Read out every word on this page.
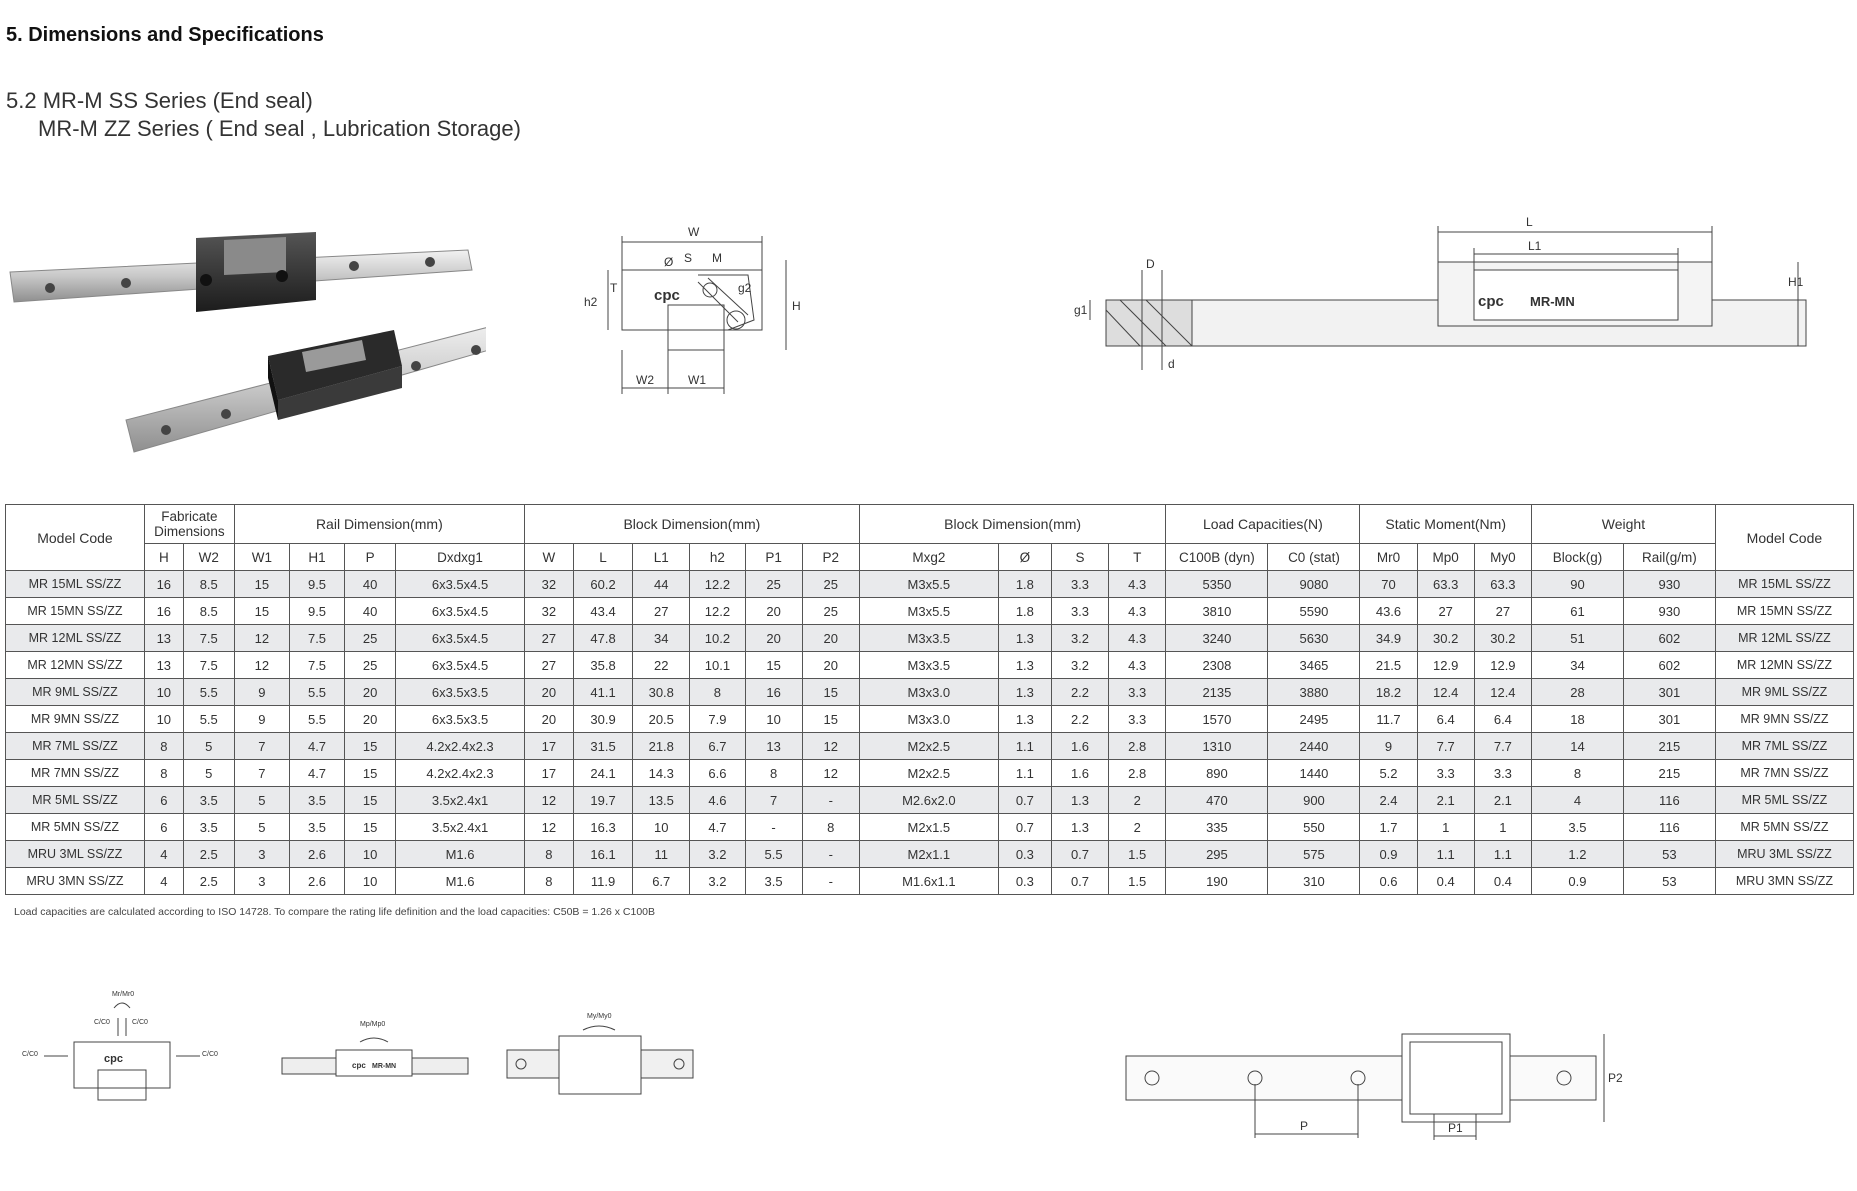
5. Dimensions and Specifications
5.2 MR-M SS Series (End seal)
MR-M ZZ Series ( End seal , Lubrication Storage)
W
S M
Ø
h2
T	g2
H
W2	W1
cpc
L
L1
D
g1
d
H1
cpc MR-MN
Model Code	Fabricate Dimensions		Rail Dimension(mm)				Block Dimension(mm)						Block Dimension(mm)				Load Capacities(N)		Static Moment(Nm)			Weight		Model Code
	H	W2	W1	H1	P	Dxdxg1	W	L	L1	h2	P1	P2	Mxg2	Ø	S	T	C100B (dyn)	C0 (stat)	Mr0	Mp0	My0	Block(g)	Rail(g/m)	
MR 15ML SS/ZZ	16	8.5	15	9.5	40	6x3.5x4.5	32	60.2	44	12.2	25	25	M3x5.5	1.8	3.3	4.3	5350	9080	70	63.3	63.3	90	930	MR 15ML SS/ZZ
MR 15MN SS/ZZ	16	8.5	15	9.5	40	6x3.5x4.5	32	43.4	27	12.2	20	25	M3x5.5	1.8	3.3	4.3	3810	5590	43.6	27	27	61	930	MR 15MN SS/ZZ
MR 12ML SS/ZZ	13	7.5	12	7.5	25	6x3.5x4.5	27	47.8	34	10.2	20	20	M3x3.5	1.3	3.2	4.3	3240	5630	34.9	30.2	30.2	51	602	MR 12ML SS/ZZ
MR 12MN SS/ZZ	13	7.5	12	7.5	25	6x3.5x4.5	27	35.8	22	10.1	15	20	M3x3.5	1.3	3.2	4.3	2308	3465	21.5	12.9	12.9	34	602	MR 12MN SS/ZZ
MR 9ML SS/ZZ	10	5.5	9	5.5	20	6x3.5x3.5	20	41.1	30.8	8	16	15	M3x3.0	1.3	2.2	3.3	2135	3880	18.2	12.4	12.4	28	301	MR 9ML SS/ZZ
MR 9MN SS/ZZ	10	5.5	9	5.5	20	6x3.5x3.5	20	30.9	20.5	7.9	10	15	M3x3.0	1.3	2.2	3.3	1570	2495	11.7	6.4	6.4	18	301	MR 9MN SS/ZZ
MR 7ML SS/ZZ	8	5	7	4.7	15	4.2x2.4x2.3	17	31.5	21.8	6.7	13	12	M2x2.5	1.1	1.6	2.8	1310	2440	9	7.7	7.7	14	215	MR 7ML SS/ZZ
MR 7MN SS/ZZ	8	5	7	4.7	15	4.2x2.4x2.3	17	24.1	14.3	6.6	8	12	M2x2.5	1.1	1.6	2.8	890	1440	5.2	3.3	3.3	8	215	MR 7MN SS/ZZ
MR 5ML SS/ZZ	6	3.5	5	3.5	15	3.5x2.4x1	12	19.7	13.5	4.6	7	-	M2.6x2.0	0.7	1.3	2	470	900	2.4	2.1	2.1	4	116	MR 5ML SS/ZZ
MR 5MN SS/ZZ	6	3.5	5	3.5	15	3.5x2.4x1	12	16.3	10	4.7	-	8	M2x1.5	0.7	1.3	2	335	550	1.7	1	1	3.5	116	MR 5MN SS/ZZ
MRU 3ML SS/ZZ	4	2.5	3	2.6	10	M1.6	8	16.1	11	3.2	5.5	-	M2x1.1	0.3	0.7	1.5	295	575	0.9	1.1	1.1	1.2	53	MRU 3ML SS/ZZ
MRU 3MN SS/ZZ	4	2.5	3	2.6	10	M1.6	8	11.9	6.7	3.2	3.5	-	M1.6x1.1	0.3	0.7	1.5	190	310	0.6	0.4	0.4	0.9	53	MRU 3MN SS/ZZ
Load capacities are calculated according to ISO 14728. To compare the rating life definition and the load capacities: C50B = 1.26 x C100B
Mr/Mr0
C/C0	C/C0
C/C0	C/C0
cpc
Mp/Mp0
cpc MR-MN
My/My0
P	P1
P2
